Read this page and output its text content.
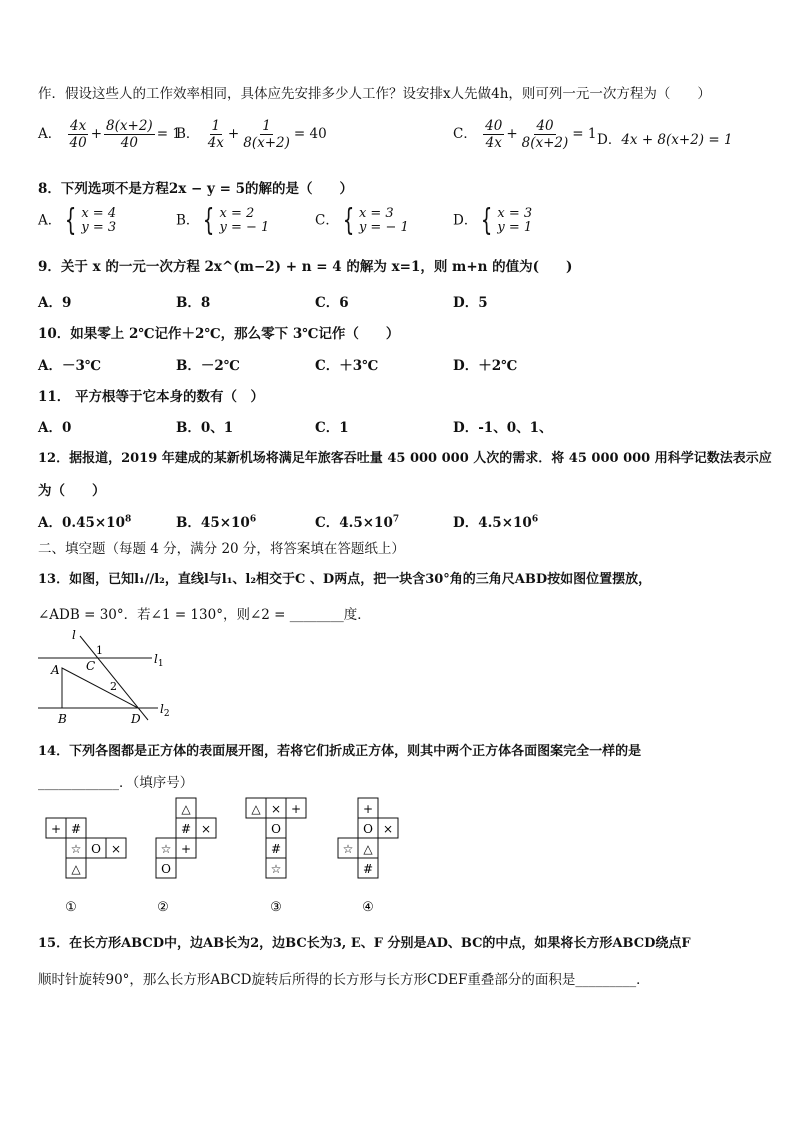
作．假设这些人的工作效率相同，具体应先安排多少人工作？设安排x人先做4h，则可列一元一次方程为（　　）
A． $\frac{4x}{40} + \frac{8(x+2)}{40} = 1$
B． $\frac{1}{4x} + \frac{1}{8(x+2)} = 40$	C． $\frac{40}{4x} + \frac{40}{8(x+2)} = 1$ D．4x + 8(x+2) = 1
8．下列选项不是方程2x − y = 5的解的是（　　）
A． { x = 4
y = 3	B． { x = 2
y = − 1	C． { x = 3
y = − 1	D． { x = 3
y = 1
9．关于 x 的一元一次方程 2x^(m−2) + n = 4 的解为 x=1，则 m+n 的值为(　　)
A．9	B．8	C．6	D．5
10．如果零上 2℃记作＋2℃，那么零下 3℃记作（　　）
A．－3℃	B．－2℃	C．＋3℃	D．＋2℃
11． 平方根等于它本身的数有（　）
A．0	B．0、1	C．1	D．-1、0、1、
12．据报道，2019 年建成的某新机场将满足年旅客吞吐量 45 000 000 人次的需求．将 45 000 000 用科学记数法表示应
为（　　）
A．$0.45\times 10^8$	B．$45\times 10^6$	C．$4.5\times 10^7$	D．$4.5\times 10^6$
二、填空题（每题 4 分，满分 20 分，将答案填在答题纸上）
13．如图，已知l₁//l₂，直线l与l₁、l₂相交于C 、D两点，把一块含30°角的三角尺ABD按如图位置摆放，
∠ADB = 30°．若∠1 = 130°，则∠2 = ________度．
l
1
C
A
2
B	D
$l_1$
$l_2$
14．下列各图都是正方体的表面展开图，若将它们折成正方体，则其中两个正方体各面图案完全一样的是
____________．（填序号）
+ #
☆ O ×
△
①
△
# ×
☆ +
O
②
△ × +
O
#
☆
③
+
O ×
☆ △
#
④
15．在长方形ABCD中，边AB长为2，边BC长为3, E、F 分别是AD、BC的中点，如果将长方形ABCD绕点F
顺时针旋转90°，那么长方形ABCD旋转后所得的长方形与长方形CDEF重叠部分的面积是_________．
